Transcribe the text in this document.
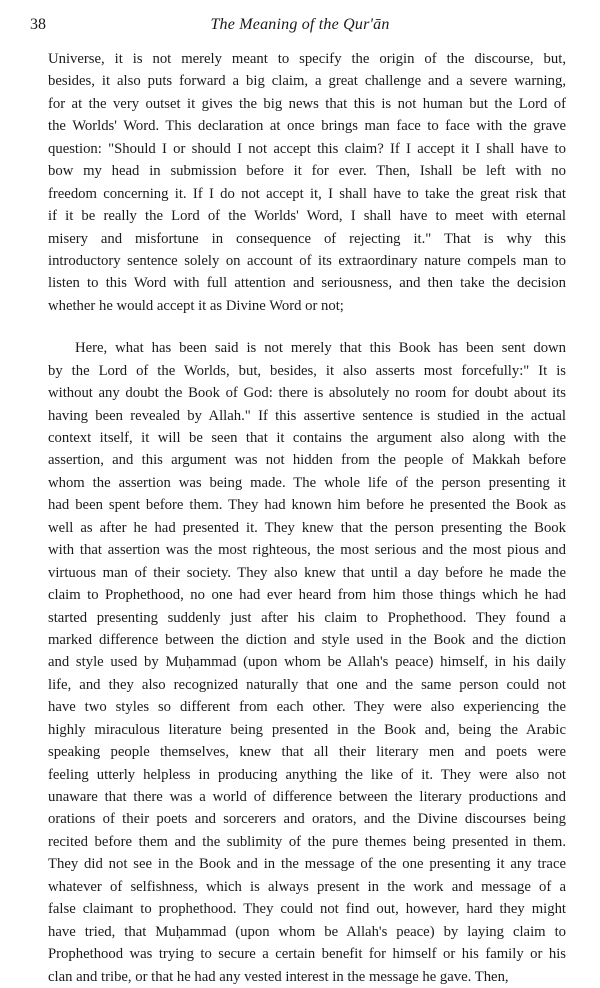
38	The Meaning of the Qur'ān
Universe, it is not merely meant to specify the origin of the discourse, but,
besides, it also puts forward a big claim, a great challenge and a severe warning,
for at the very outset it gives the big news that this is not human but the Lord of
the Worlds' Word. This declaration at once brings man face to face with the grave
question: "Should I or should I not accept this claim? If I accept it I shall have to
bow my head in submission before it for ever. Then, Ishall be left with no
freedom concerning it. If I do not accept it, I shall have to take the great risk that
if it be really the Lord of the Worlds' Word, I shall have to meet with eternal
misery and misfortune in consequence of rejecting it." That is why this
introductory sentence solely on account of its extraordinary nature compels man to
listen to this Word with full attention and seriousness, and then take the decision
whether he would accept it as Divine Word or not;
Here, what has been said is not merely that this Book has been sent down
by the Lord of the Worlds, but, besides, it also asserts most forcefully:" It is
without any doubt the Book of God: there is absolutely no room for doubt about its
having been revealed by Allah." If this assertive sentence is studied in the actual
context itself, it will be seen that it contains the argument also along with the
assertion, and this argument was not hidden from the people of Makkah before
whom the assertion was being made. The whole life of the person presenting it
had been spent before them. They had known him before he presented the Book as
well as after he had presented it. They knew that the person presenting the Book
with that assertion was the most righteous, the most serious and the most pious and
virtuous man of their society. They also knew that until a day before he made the
claim to Prophethood, no one had ever heard from him those things which he had
started presenting suddenly just after his claim to Prophethood. They found a
marked difference between the diction and style used in the Book and the diction
and style used by Muḥammad (upon whom be Allah's peace) himself, in his daily
life, and they also recognized naturally that one and the same person could not
have two styles so different from each other. They were also experiencing the
highly miraculous literature being presented in the Book and, being the Arabic
speaking people themselves, knew that all their literary men and poets were
feeling utterly helpless in producing anything the like of it. They were also not
unaware that there was a world of difference between the literary productions and
orations of their poets and sorcerers and orators, and the Divine discourses being
recited before them and the sublimity of the pure themes being presented in them.
They did not see in the Book and in the message of the one presenting it any trace
whatever of selfishness, which is always present in the work and message of a
false claimant to prophethood. They could not find out, however, hard they might
have tried, that Muḥammad (upon whom be Allah's peace) by laying claim to
Prophethood was trying to secure a certain benefit for himself or his family or his
clan and tribe, or that he had any vested interest in the message he gave. Then,
